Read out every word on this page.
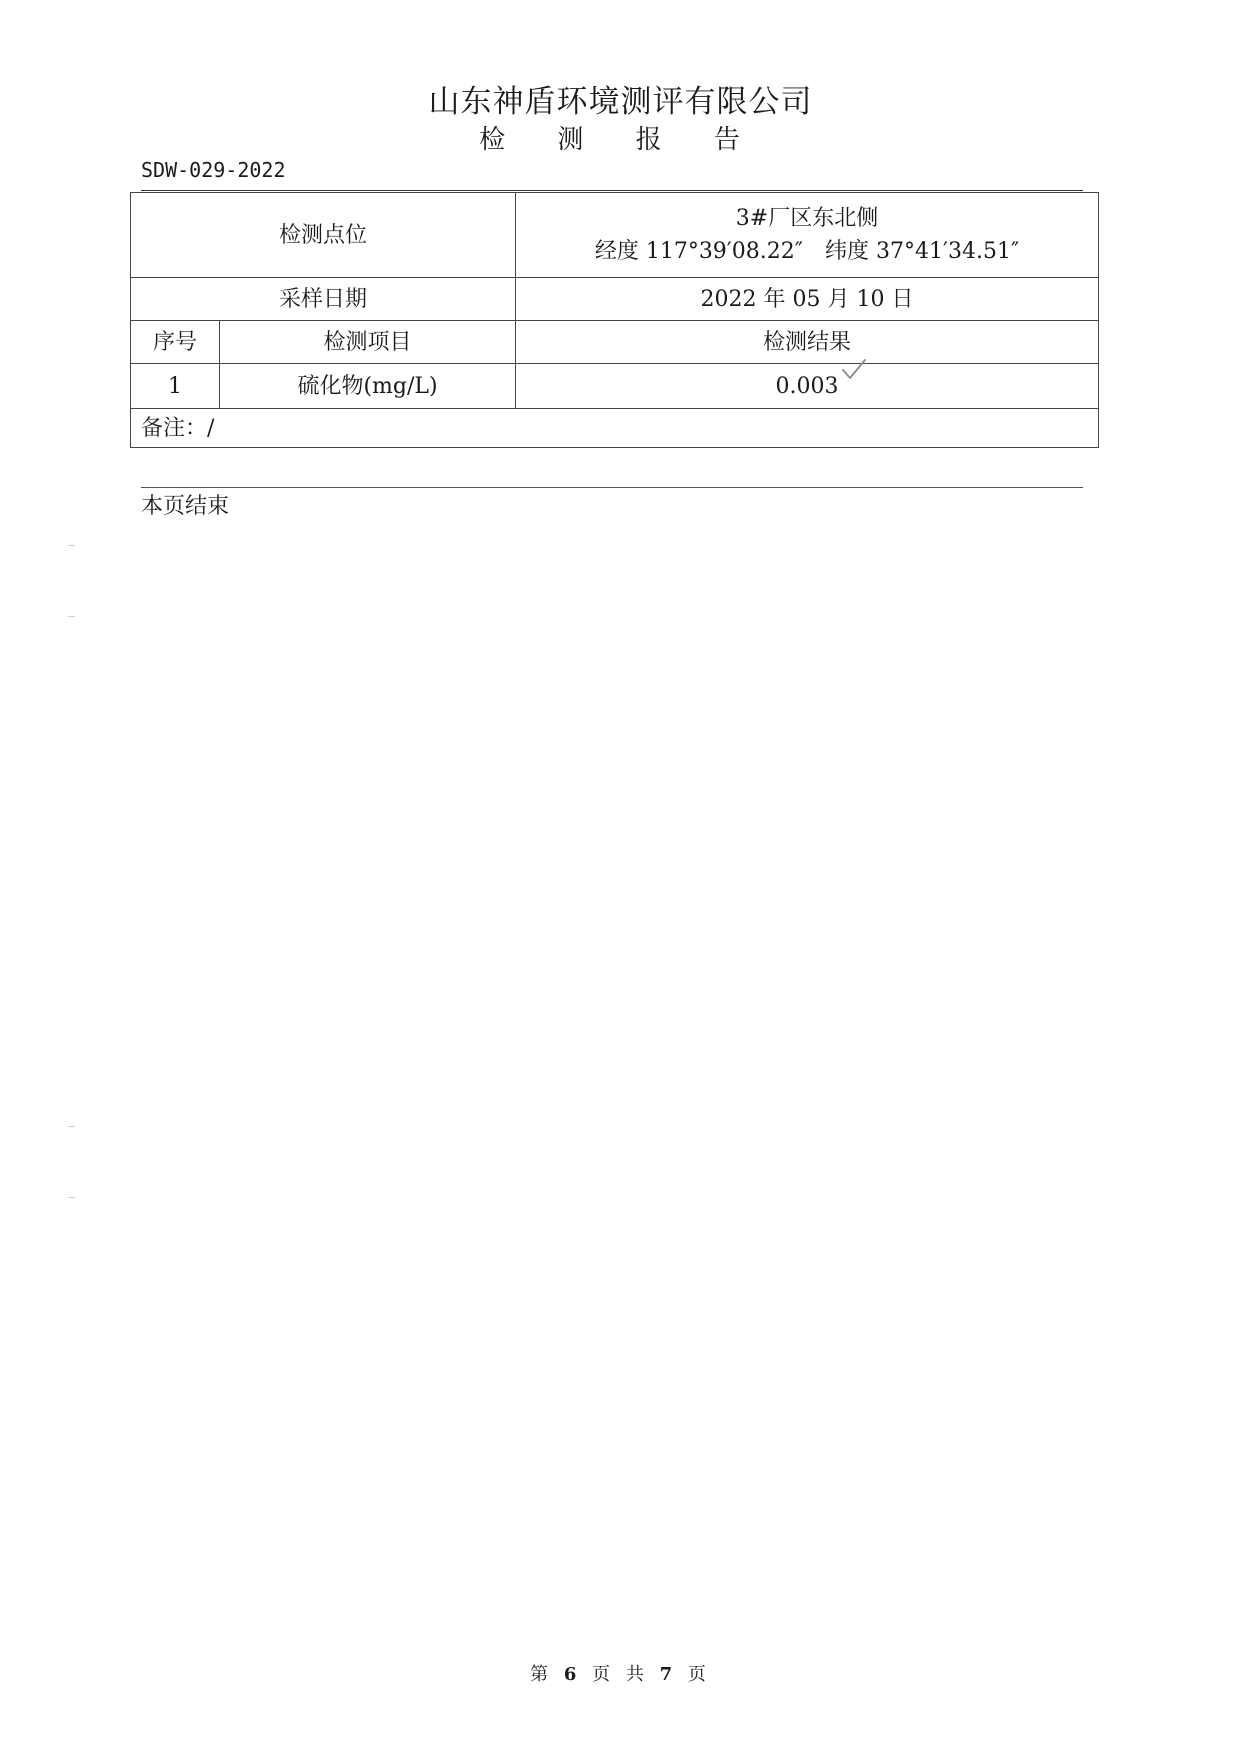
山东神盾环境测评有限公司
检 测 报 告
SDW-029-2022
检测点位		3#厂区东北侧
经度 117°39′08.22″　纬度 37°41′34.51″

采样日期		2022 年 05 月 10 日
序号	检测项目	检测结果
1	硫化物(mg/L)	0.003

备注：/		
本页结束
第 6 页 共 7 页
